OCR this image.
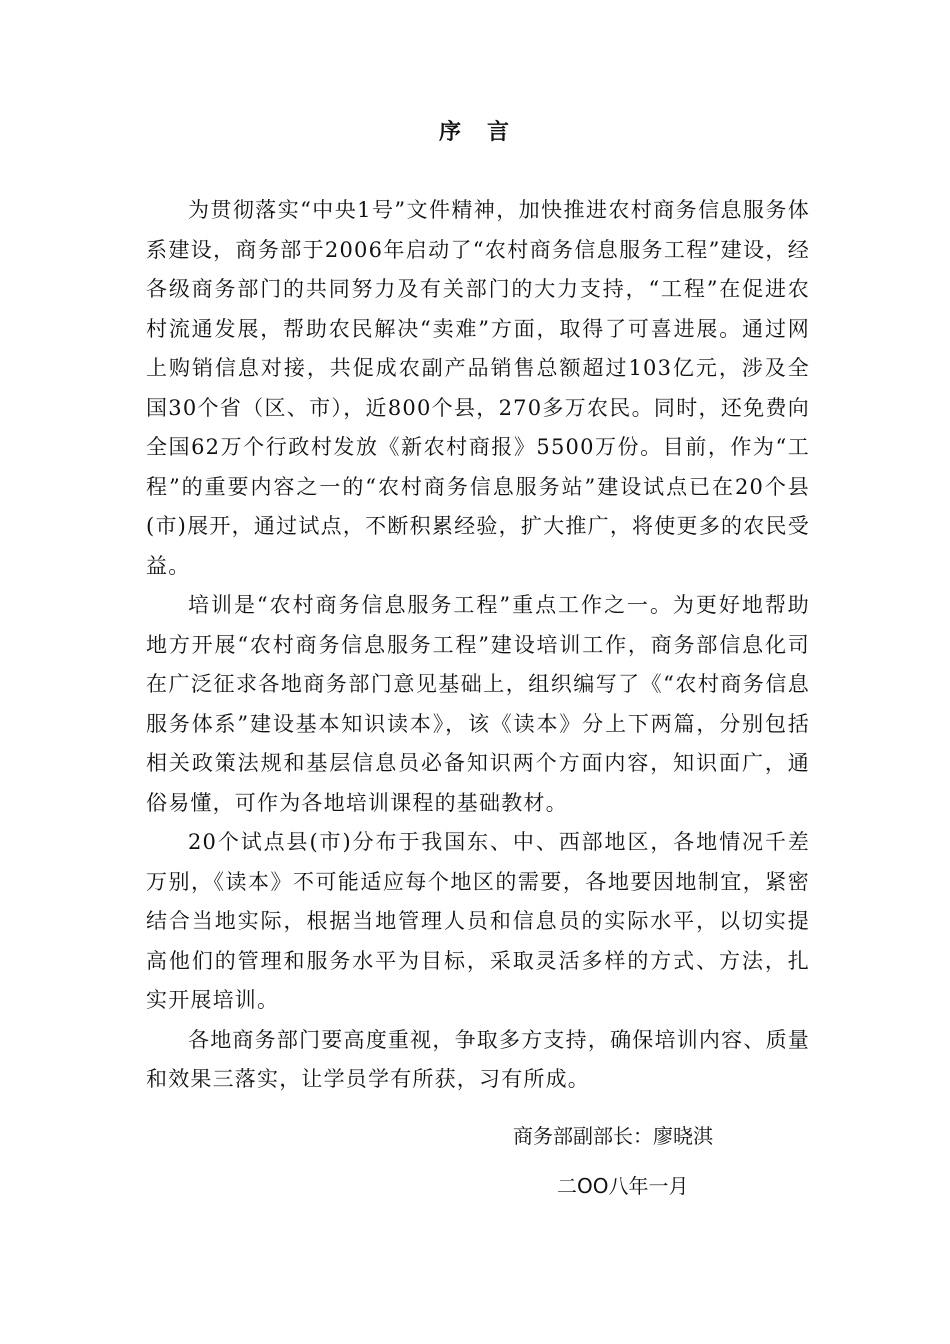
序　言

为贯彻落实“中央1号”文件精神，加快推进农村商务信息服务体系建设，商务部于2006年启动了“农村商务信息服务工程”建设，经各级商务部门的共同努力及有关部门的大力支持，“工程”在促进农村流通发展，帮助农民解决“卖难”方面，取得了可喜进展。通过网上购销信息对接，共促成农副产品销售总额超过103亿元，涉及全国30个省（区、市），近800个县，270多万农民。同时，还免费向全国62万个行政村发放《新农村商报》5500万份。目前，作为“工程”的重要内容之一的“农村商务信息服务站”建设试点已在20个县(市)展开，通过试点，不断积累经验，扩大推广，将使更多的农民受益。

培训是“农村商务信息服务工程”重点工作之一。为更好地帮助地方开展“农村商务信息服务工程”建设培训工作，商务部信息化司在广泛征求各地商务部门意见基础上，组织编写了《“农村商务信息服务体系”建设基本知识读本》，该《读本》分上下两篇，分别包括相关政策法规和基层信息员必备知识两个方面内容，知识面广，通俗易懂，可作为各地培训课程的基础教材。

20个试点县(市)分布于我国东、中、西部地区，各地情况千差万别，《读本》不可能适应每个地区的需要，各地要因地制宜，紧密结合当地实际，根据当地管理人员和信息员的实际水平，以切实提高他们的管理和服务水平为目标，采取灵活多样的方式、方法，扎实开展培训。

各地商务部门要高度重视，争取多方支持，确保培训内容、质量和效果三落实，让学员学有所获，习有所成。

商务部副部长：廖晓淇
二OO八年一月
